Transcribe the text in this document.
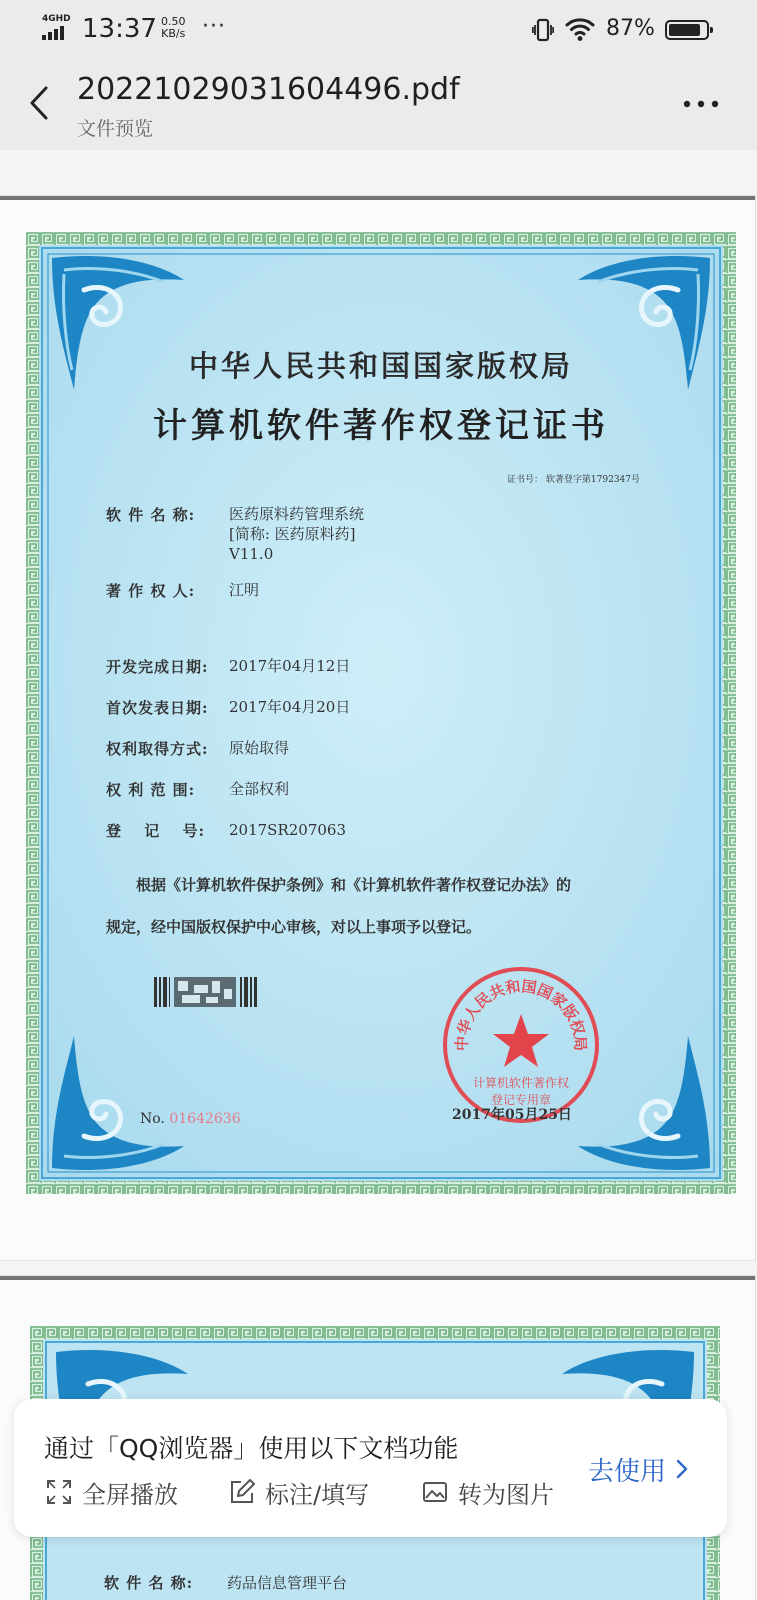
4GHD 13:37 0.50
KB/s ···	87%
20221029031604496.pdf
文件预览
中华人民共和国国家版权局
计算机软件著作权登记证书
证书号： 软著登字第1792347号
软 件 名 称:	医药原料药管理系统
[简称: 医药原料药]
V11.0
著 作 权 人:	江明
开发完成日期:	2017年04月12日
首次发表日期:	2017年04月20日
权利取得方式:	原始取得
权 利 范 围:	全部权利
登　 记　 号:	2017SR207063
根据《计算机软件保护条例》和《计算机软件著作权登记办法》的
规定，经中国版权保护中心审核，对以上事项予以登记。
中华人民共和国国家版权局
计算机软件著作权
登记专用章
2017年05月25日
No. 01642636
软 件 名 称:	药品信息管理平台
通过「QQ浏览器」使用以下文档功能
全屏播放	标注/填写	转为图片
去使用
